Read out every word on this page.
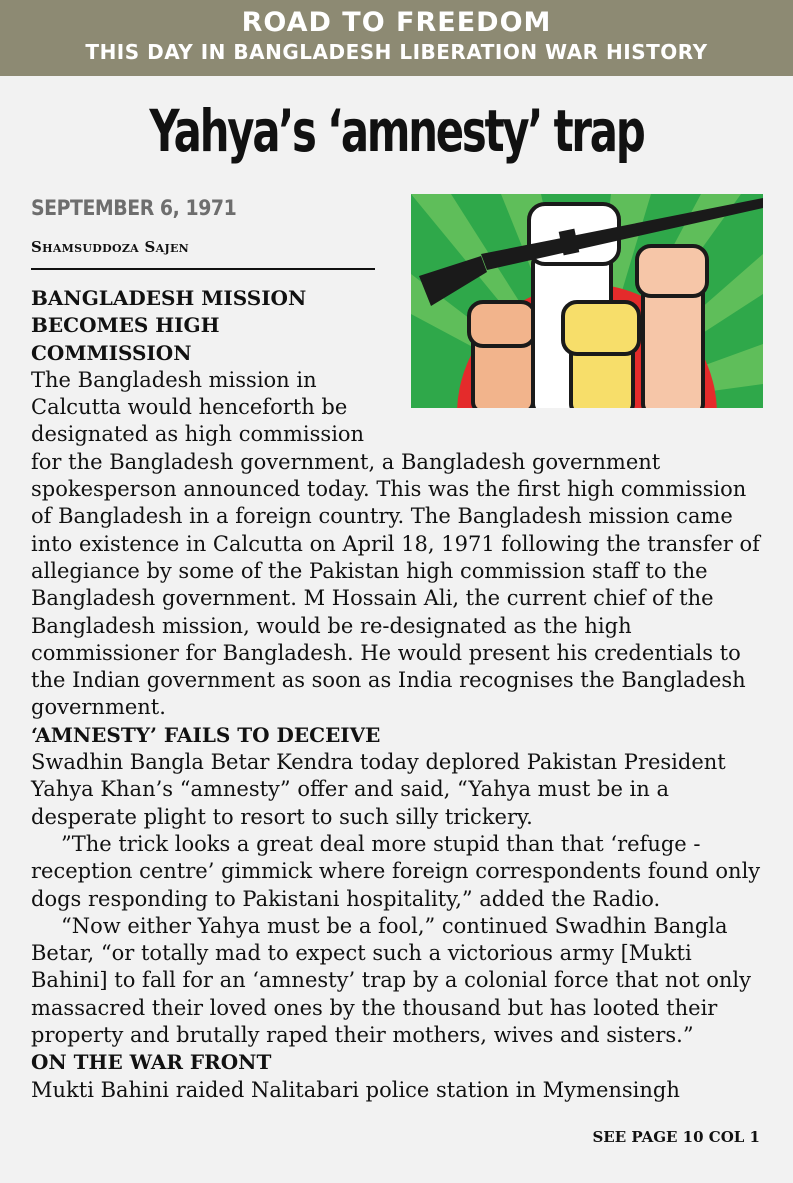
ROAD TO FREEDOM
THIS DAY IN BANGLADESH LIBERATION WAR HISTORY
Yahya’s ‘amnesty’ trap
SEPTEMBER 6, 1971
Shamsuddoza Sajen
BANGLADESH MISSION BECOMES HIGH COMMISSION

The Bangladesh mission in Calcutta would henceforth be designated as high commission for the Bangladesh government, a Bangladesh government spokesperson announced today. This was the first high commission of Bangladesh in a foreign country. The Bangladesh mission came into existence in Calcutta on April 18, 1971 following the transfer of allegiance by some of the Pakistan high commission staff to the Bangladesh government. M Hossain Ali, the current chief of the Bangladesh mission, would be re-designated as the high commissioner for Bangladesh. He would present his credentials to the Indian government as soon as India recognises the Bangladesh government.

‘AMNESTY’ FAILS TO DECEIVE

Swadhin Bangla Betar Kendra today deplored Pakistan President Yahya Khan’s “amnesty” offer and said, “Yahya must be in a desperate plight to resort to such silly trickery.

”The trick looks a great deal more stupid than that ‘refuge -reception centre’ gimmick where foreign correspondents found only dogs responding to Pakistani hospitality,” added the Radio.

“Now either Yahya must be a fool,” continued Swadhin Bangla Betar, “or totally mad to expect such a victorious army [Mukti Bahini] to fall for an ‘amnesty’ trap by a colonial force that not only massacred their loved ones by the thousand but has looted their property and brutally raped their mothers, wives and sisters.”

ON THE WAR FRONT

Mukti Bahini raided Nalitabari police station in Mymensingh

SEE PAGE 10 COL 1
